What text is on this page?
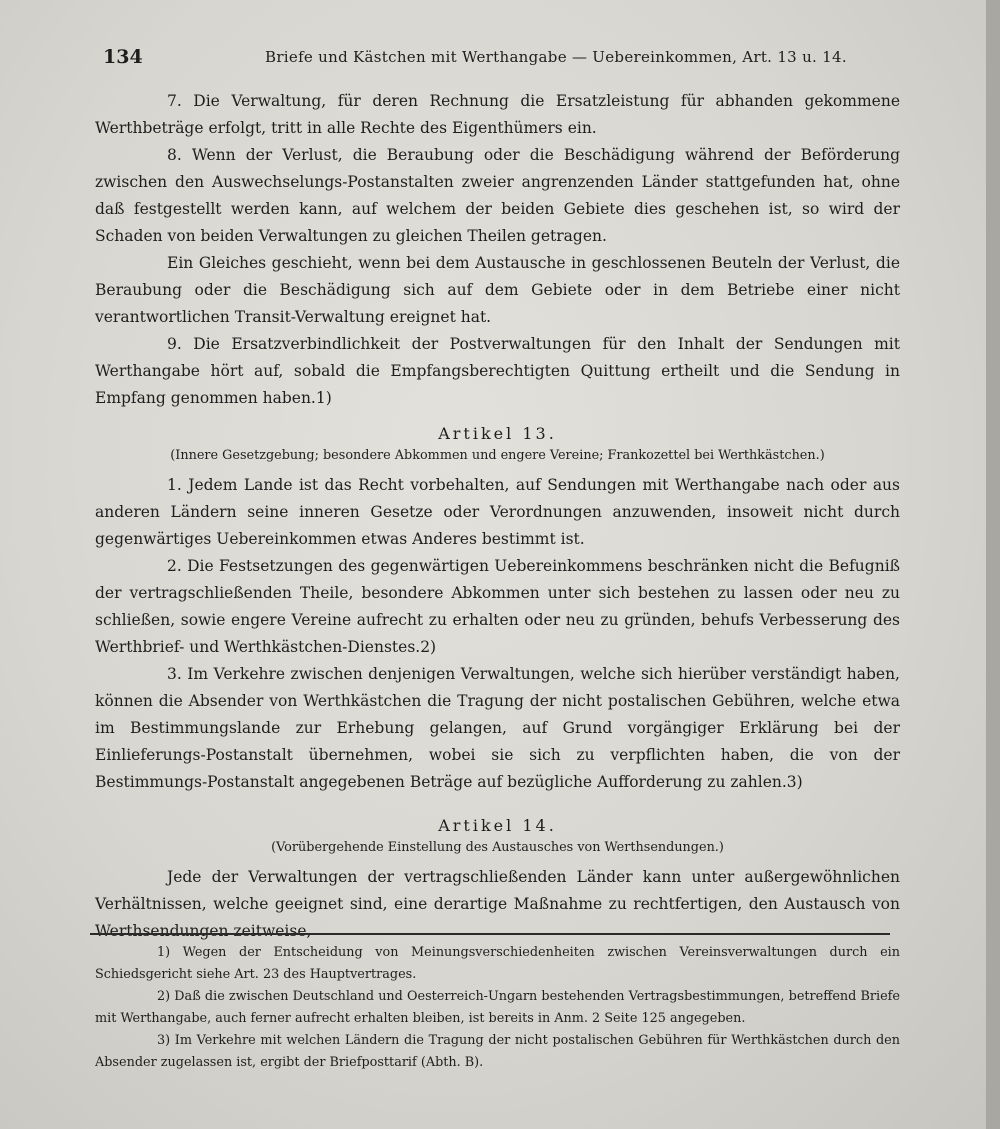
134	Briefe und Kästchen mit Werthangabe — Uebereinkommen, Art. 13 u. 14.

7. Die Verwaltung, für deren Rechnung die Ersatzleistung für abhanden gekommene Werthbeträge erfolgt, tritt in alle Rechte des Eigenthümers ein.

8. Wenn der Verlust, die Beraubung oder die Beschädigung während der Beförderung zwischen den Auswechselungs-Postanstalten zweier angrenzenden Länder stattgefunden hat, ohne daß festgestellt werden kann, auf welchem der beiden Gebiete dies geschehen ist, so wird der Schaden von beiden Verwaltungen zu gleichen Theilen getragen.

Ein Gleiches geschieht, wenn bei dem Austausche in geschlossenen Beuteln der Verlust, die Beraubung oder die Beschädigung sich auf dem Gebiete oder in dem Betriebe einer nicht verantwortlichen Transit-Verwaltung ereignet hat.

9. Die Ersatzverbindlichkeit der Postverwaltungen für den Inhalt der Sendungen mit Werthangabe hört auf, sobald die Empfangsberechtigten Quittung ertheilt und die Sendung in Empfang genommen haben.1)

Artikel 13.
(Innere Gesetzgebung; besondere Abkommen und engere Vereine; Frankozettel bei Werthkästchen.)

1. Jedem Lande ist das Recht vorbehalten, auf Sendungen mit Werthangabe nach oder aus anderen Ländern seine inneren Gesetze oder Verordnungen anzuwenden, insoweit nicht durch gegenwärtiges Uebereinkommen etwas Anderes bestimmt ist.

2. Die Festsetzungen des gegenwärtigen Uebereinkommens beschränken nicht die Befugniß der vertragschließenden Theile, besondere Abkommen unter sich bestehen zu lassen oder neu zu schließen, sowie engere Vereine aufrecht zu erhalten oder neu zu gründen, behufs Verbesserung des Werthbrief- und Werthkästchen-Dienstes.2)

3. Im Verkehre zwischen denjenigen Verwaltungen, welche sich hierüber verständigt haben, können die Absender von Werthkästchen die Tragung der nicht postalischen Gebühren, welche etwa im Bestimmungslande zur Erhebung gelangen, auf Grund vorgängiger Erklärung bei der Einlieferungs-Postanstalt übernehmen, wobei sie sich zu verpflichten haben, die von der Bestimmungs-Postanstalt angegebenen Beträge auf bezügliche Aufforderung zu zahlen.3)

Artikel 14.
(Vorübergehende Einstellung des Austausches von Werthsendungen.)

Jede der Verwaltungen der vertragschließenden Länder kann unter außergewöhnlichen Verhältnissen, welche geeignet sind, eine derartige Maßnahme zu rechtfertigen, den Austausch von Werthsendungen zeitweise,

1) Wegen der Entscheidung von Meinungsverschiedenheiten zwischen Vereinsverwaltungen durch ein Schiedsgericht siehe Art. 23 des Hauptvertrages.

2) Daß die zwischen Deutschland und Oesterreich-Ungarn bestehenden Vertragsbestimmungen, betreffend Briefe mit Werthangabe, auch ferner aufrecht erhalten bleiben, ist bereits in Anm. 2 Seite 125 angegeben.

3) Im Verkehre mit welchen Ländern die Tragung der nicht postalischen Gebühren für Werthkästchen durch den Absender zugelassen ist, ergibt der Briefposttarif (Abth. B).
